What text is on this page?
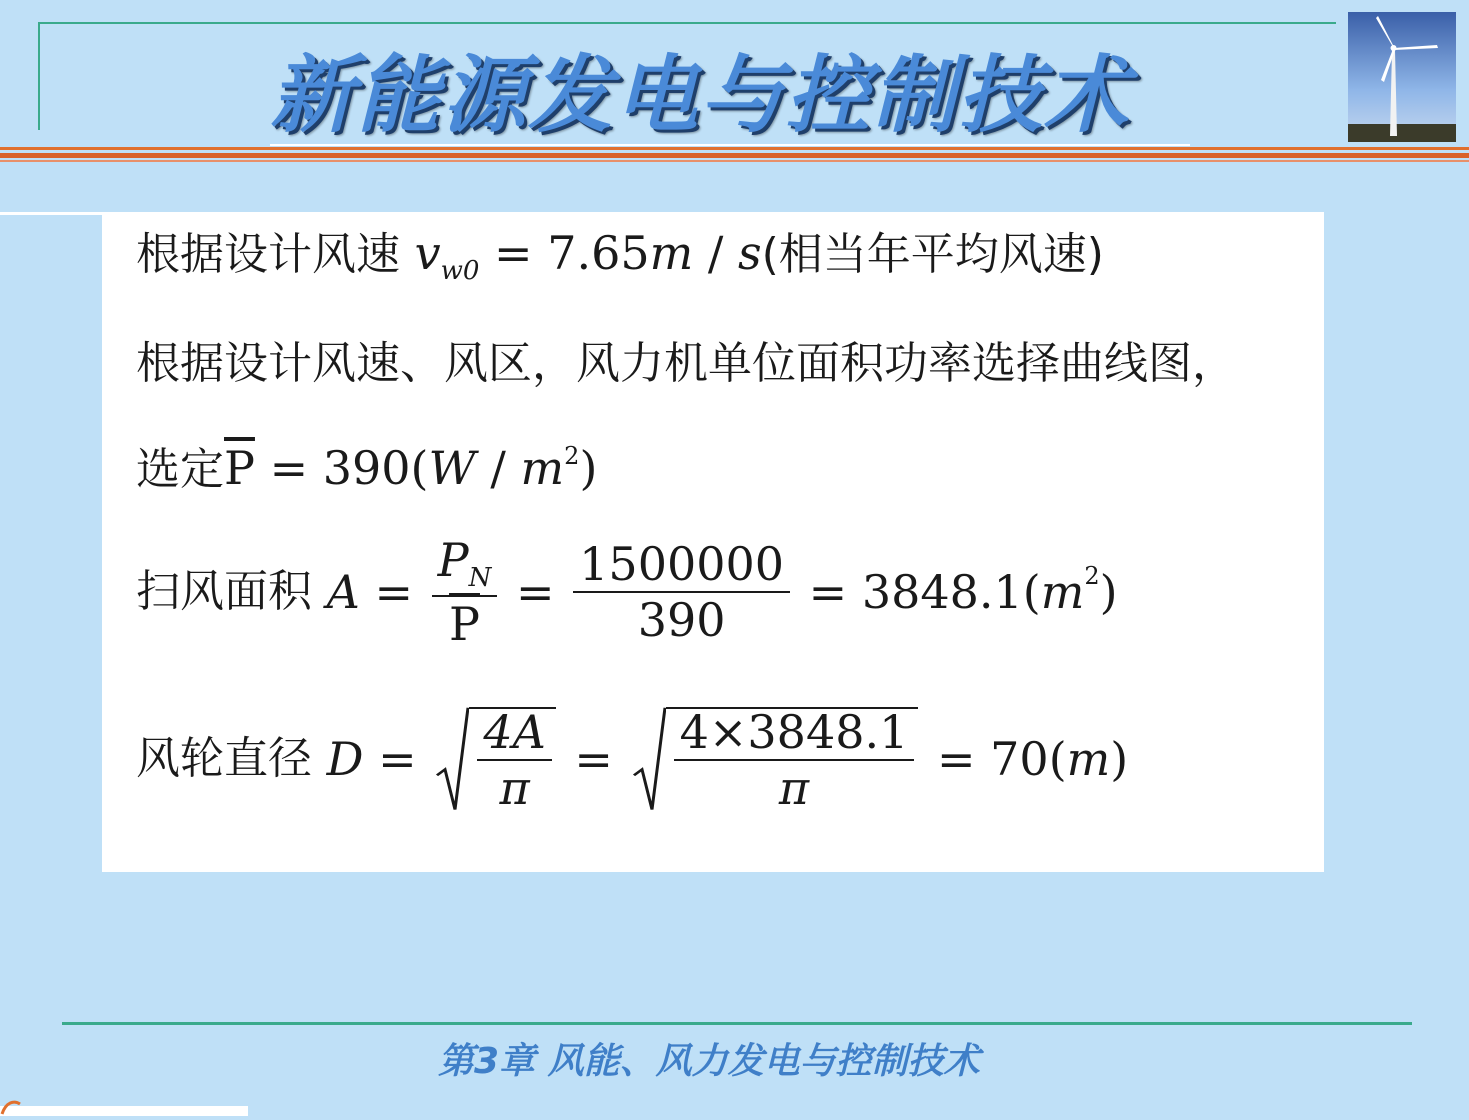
新能源发电与控制技术
根据设计风速 $v_{w0} = 7.65m / s$(相当年平均风速)
根据设计风速、风区，风力机单位面积功率选择曲线图，
选定$\overline{P} = 390(W / m^2)$
扫风面积 $A = \frac{P_N}{P} = \frac{1500000}{390} = 3848.1(m^2)$
风轮直径 $D = \frac{4A}{\pi} = \frac{4\times 3848.1}{\pi} = 70(m)$
第3章 风能、风力发电与控制技术
